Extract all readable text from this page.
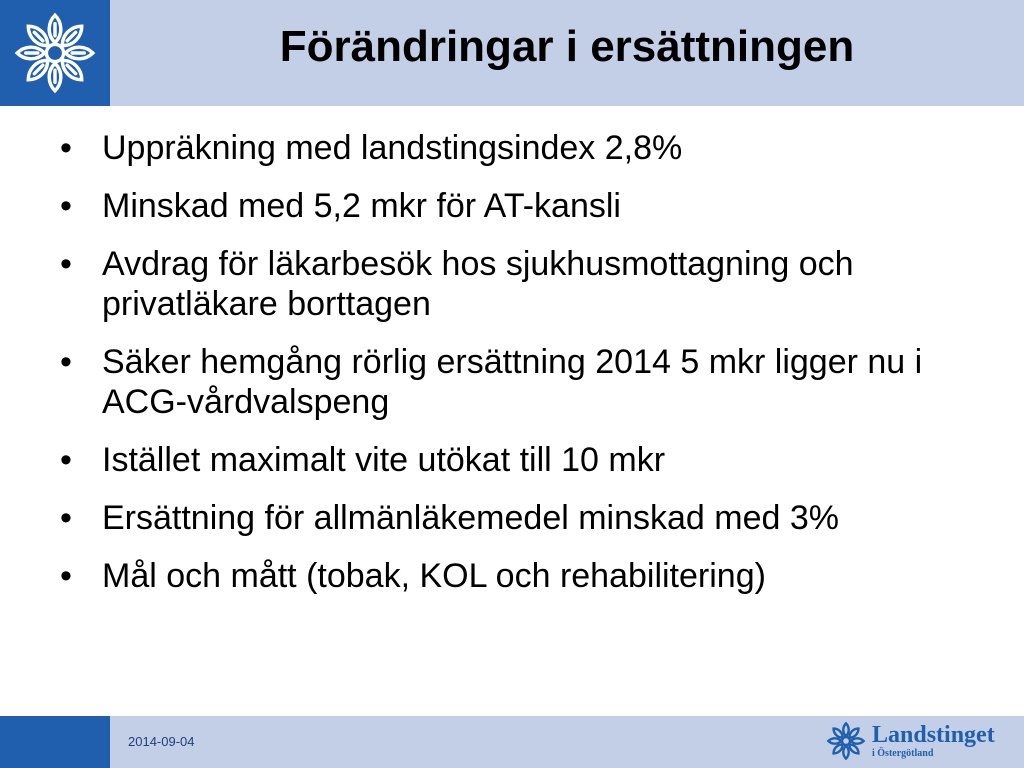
Förändringar i ersättningen
• Uppräkning med landstingsindex 2,8%
• Minskad med 5,2 mkr för AT-kansli
• Avdrag för läkarbesök hos sjukhusmottagning och privatläkare borttagen
• Säker hemgång rörlig ersättning 2014 5 mkr ligger nu i ACG-vårdvalspeng
• Istället maximalt vite utökat till 10 mkr
• Ersättning för allmänläkemedel minskad med 3%
• Mål och mått (tobak, KOL och rehabilitering)
2014-09-04	Landstinget
i Östergötland
